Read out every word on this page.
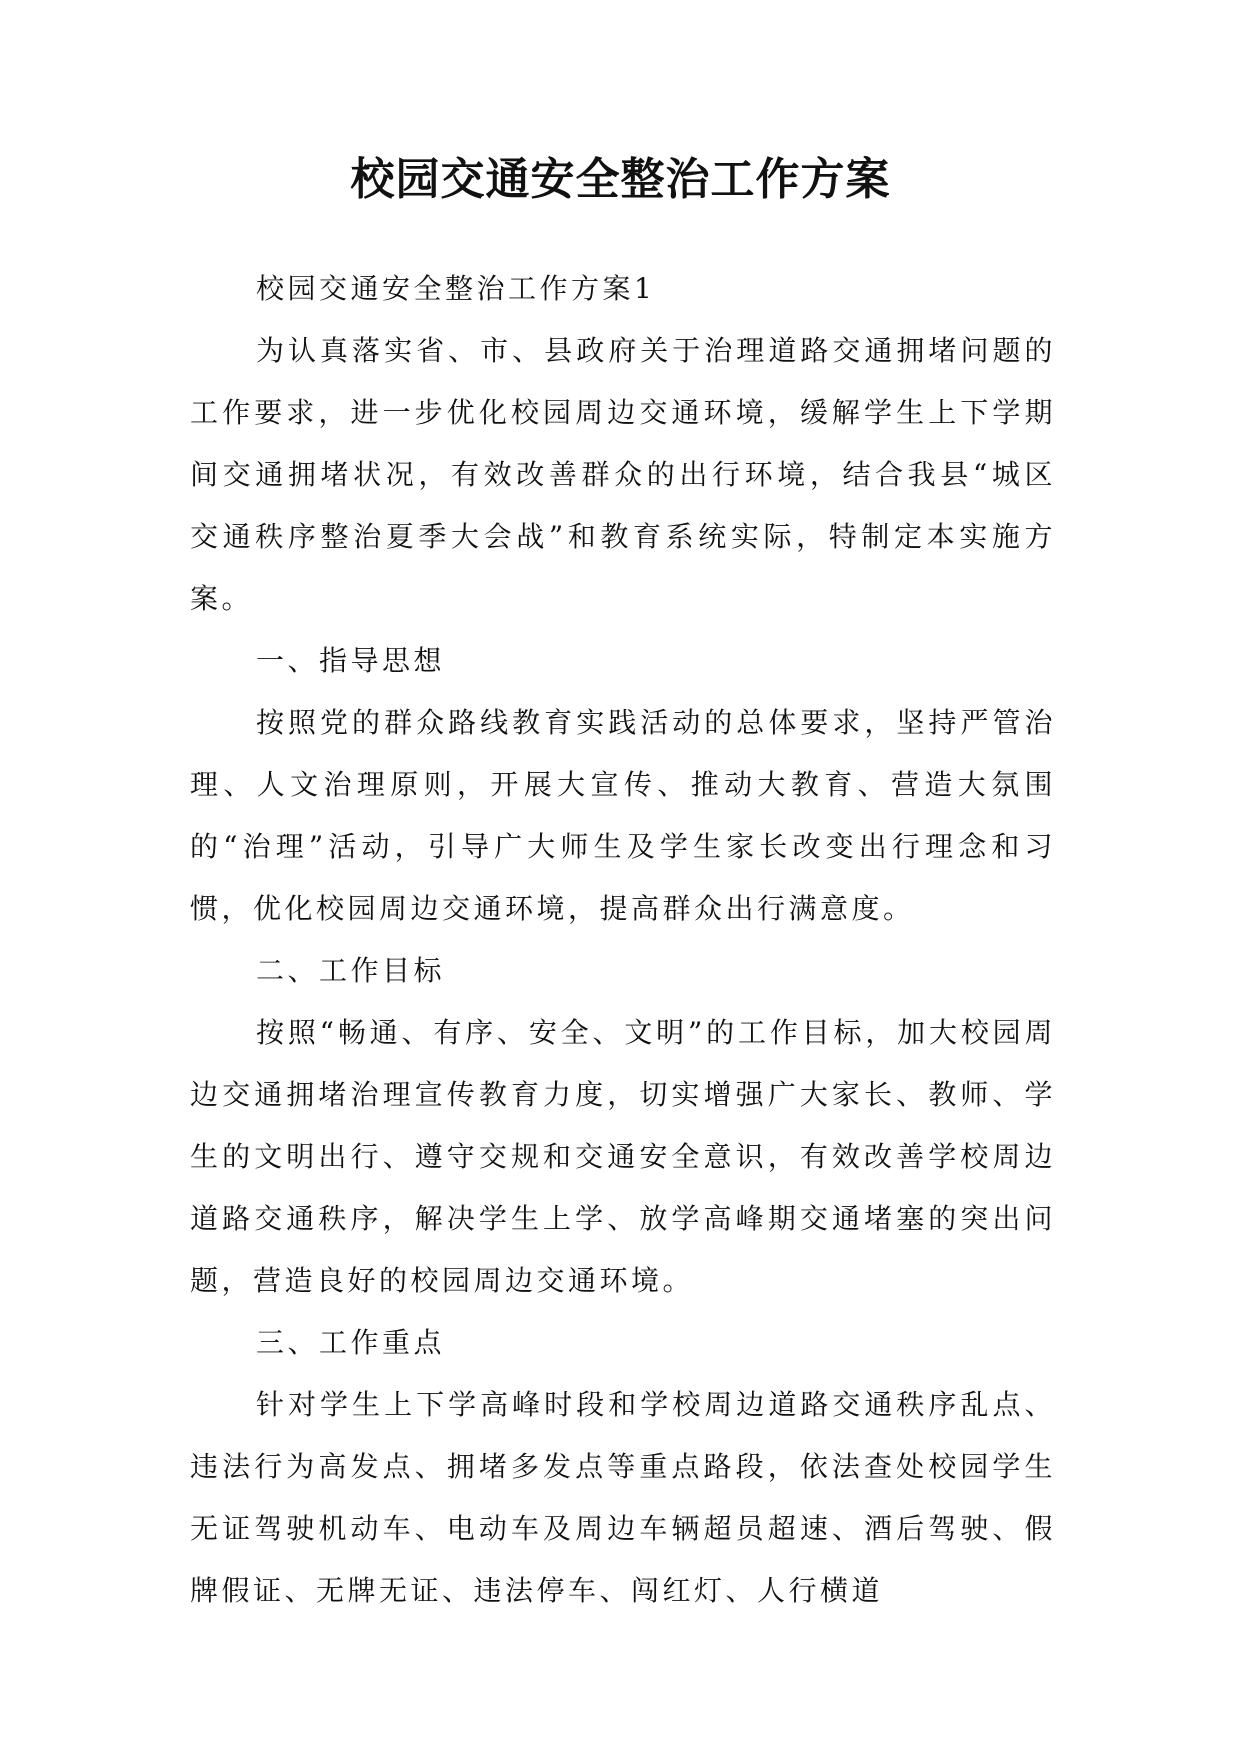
校园交通安全整治工作方案

校园交通安全整治工作方案1

为认真落实省、市、县政府关于治理道路交通拥堵问题的工作要求，进一步优化校园周边交通环境，缓解学生上下学期间交通拥堵状况，有效改善群众的出行环境，结合我县“城区交通秩序整治夏季大会战”和教育系统实际，特制定本实施方案。

一、指导思想

按照党的群众路线教育实践活动的总体要求，坚持严管治理、人文治理原则，开展大宣传、推动大教育、营造大氛围的“治理”活动，引导广大师生及学生家长改变出行理念和习惯，优化校园周边交通环境，提高群众出行满意度。

二、工作目标

按照“畅通、有序、安全、文明”的工作目标，加大校园周边交通拥堵治理宣传教育力度，切实增强广大家长、教师、学生的文明出行、遵守交规和交通安全意识，有效改善学校周边道路交通秩序，解决学生上学、放学高峰期交通堵塞的突出问题，营造良好的校园周边交通环境。

三、工作重点

针对学生上下学高峰时段和学校周边道路交通秩序乱点、违法行为高发点、拥堵多发点等重点路段，依法查处校园学生无证驾驶机动车、电动车及周边车辆超员超速、酒后驾驶、假牌假证、无牌无证、违法停车、闯红灯、人行横道
